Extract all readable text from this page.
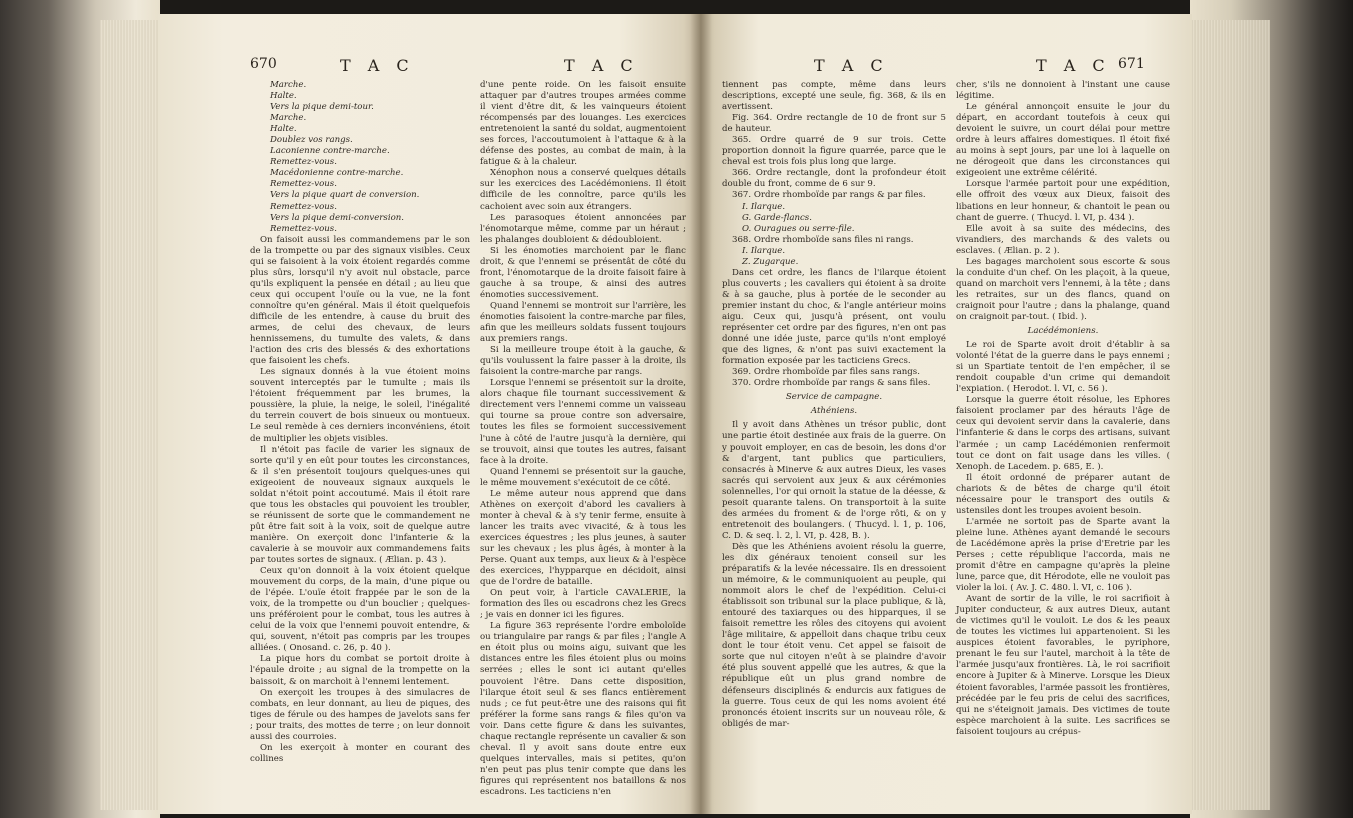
670	T A C	T A C

Marche.

Halte.

Vers la pique demi-tour.

Marche.

Halte.

Doublez vos rangs.

Laconienne contre-marche.

Remettez-vous.

Macédonienne contre-marche.

Remettez-vous.

Vers la pique quart de conversion.

Remettez-vous.

Vers la pique demi-conversion.

Remettez-vous.

On faisoit aussi les commandemens par le son de la trompette ou par des signaux visibles. Ceux qui se faisoient à la voix étoient regardés comme plus sûrs, lorsqu'il n'y avoit nul obstacle, parce qu'ils expliquent la pensée en détail ; au lieu que ceux qui occupent l'ouïe ou la vue, ne la font connoître qu'en général. Mais il étoit quelquefois difficile de les entendre, à cause du bruit des armes, de celui des chevaux, de leurs hennissemens, du tumulte des valets, & dans l'action des cris des blessés & des exhortations que faisoient les chefs.

Les signaux donnés à la vue étoient moins souvent interceptés par le tumulte ; mais ils l'étoient fréquemment par les brumes, la poussière, la pluie, la neige, le soleil, l'inégalité du terrein couvert de bois sinueux ou montueux. Le seul remède à ces derniers inconvéniens, étoit de multiplier les objets visibles.

Il n'étoit pas facile de varier les signaux de sorte qu'il y en eût pour toutes les circonstances, & il s'en présentoit toujours quelques-unes qui exigeoient de nouveaux signaux auxquels le soldat n'étoit point accoutumé. Mais il étoit rare que tous les obstacles qui pouvoient les troubler, se réunissent de sorte que le commandement ne pût être fait soit à la voix, soit de quelque autre manière. On exerçoit donc l'infanterie & la cavalerie à se mouvoir aux commandemens faits par toutes sortes de signaux. ( Ælian. p. 43 ).

Ceux qu'on donnoit à la voix étoient quelque mouvement du corps, de la main, d'une pique ou de l'épée. L'ouïe étoit frappée par le son de la voix, de la trompette ou d'un bouclier ; quelques-uns préféroient pour le combat, tous les autres à celui de la voix que l'ennemi pouvoit entendre, & qui, souvent, n'étoit pas compris par les troupes alliées. ( Onosand. c. 26, p. 40 ).

La pique hors du combat se portoit droite à l'épaule droite ; au signal de la trompette on la baissoit, & on marchoit à l'ennemi lentement.

On exerçoit les troupes à des simulacres de combats, en leur donnant, au lieu de piques, des tiges de férule ou des hampes de javelots sans fer ; pour traits, des mottes de terre ; on leur donnoit aussi des courroies.

On les exerçoit à monter en courant des collines

d'une pente roide. On les faisoit ensuite attaquer par d'autres troupes armées comme il vient d'être dit, & les vainqueurs étoient récompensés par des louanges. Les exercices entretenoient la santé du soldat, augmentoient ses forces, l'accoutumoient à l'attaque & à la défense des postes, au combat de main, à la fatigue & à la chaleur.

Xénophon nous a conservé quelques détails sur les exercices des Lacédémoniens. Il étoit difficile de les connoître, parce qu'ils les cachoient avec soin aux étrangers.

Les parasoques étoient annoncées par l'énomotarque même, comme par un héraut ; les phalanges doubloient & dédoubloient.

Si les énomoties marchoient par le flanc droit, & que l'ennemi se présentât de côté du front, l'énomotarque de la droite faisoit faire à gauche à sa troupe, & ainsi des autres énomoties successivement.

Quand l'ennemi se montroit sur l'arrière, les énomoties faisoient la contre-marche par files, afin que les meilleurs soldats fussent toujours aux premiers rangs.

Si la meilleure troupe étoit à la gauche, & qu'ils voulussent la faire passer à la droite, ils faisoient la contre-marche par rangs.

Lorsque l'ennemi se présentoit sur la droite, alors chaque file tournant successivement & directement vers l'ennemi comme un vaisseau qui tourne sa proue contre son adversaire, toutes les files se formoient successivement l'une à côté de l'autre jusqu'à la dernière, qui se trouvoit, ainsi que toutes les autres, faisant face à la droite.

Quand l'ennemi se présentoit sur la gauche, le même mouvement s'exécutoit de ce côté.

Le même auteur nous apprend que dans Athènes on exerçoit d'abord les cavaliers à monter à cheval & à s'y tenir ferme, ensuite à lancer les traits avec vivacité, & à tous les exercices équestres ; les plus jeunes, à sauter sur les chevaux ; les plus âgés, à monter à la Perse. Quant aux temps, aux lieux & à l'espèce des exercices, l'hypparque en décidoit, ainsi que de l'ordre de bataille.

On peut voir, à l'article CAVALERIE, la formation des îles ou escadrons chez les Grecs ; je vais en donner ici les figures.

La figure 363 représente l'ordre emboloïde ou triangulaire par rangs & par files ; l'angle A en étoit plus ou moins aigu, suivant que les distances entre les files étoient plus ou moins serrées ; elles le sont ici autant qu'elles pouvoient l'être. Dans cette disposition, l'ilarque étoit seul & ses flancs entièrement nuds ; ce fut peut-être une des raisons qui fit préférer la forme sans rangs & files qu'on va voir. Dans cette figure & dans les suivantes, chaque rectangle représente un cavalier & son cheval. Il y avoit sans doute entre eux quelques intervalles, mais si petites, qu'on n'en peut pas plus tenir compte que dans les figures qui représentent nos bataillons & nos escadrons. Les tacticiens n'en

T A C	T A C 671

tiennent pas compte, même dans leurs descriptions, excepté une seule, fig. 368, & ils en avertissent.

Fig. 364. Ordre rectangle de 10 de front sur 5 de hauteur.

365. Ordre quarré de 9 sur trois. Cette proportion donnoit la figure quarrée, parce que le cheval est trois fois plus long que large.

366. Ordre rectangle, dont la profondeur étoit double du front, comme de 6 sur 9.

367. Ordre rhomboïde par rangs & par files.

I. Ilarque.

G. Garde-flancs.

O. Ouragues ou serre-file.

368. Ordre rhomboïde sans files ni rangs.

I. Ilarque.

Z. Zugarque.

Dans cet ordre, les flancs de l'ilarque étoient plus couverts ; les cavaliers qui étoient à sa droite & à sa gauche, plus à portée de le seconder au premier instant du choc, & l'angle antérieur moins aigu. Ceux qui, jusqu'à présent, ont voulu représenter cet ordre par des figures, n'en ont pas donné une idée juste, parce qu'ils n'ont employé que des lignes, & n'ont pas suivi exactement la formation exposée par les tacticiens Grecs.

369. Ordre rhomboïde par files sans rangs.

370. Ordre rhomboïde par rangs & sans files.

Service de campagne.

Athéniens.

Il y avoit dans Athènes un trésor public, dont une partie étoit destinée aux frais de la guerre. On y pouvoit employer, en cas de besoin, les dons d'or & d'argent, tant publics que particuliers, consacrés à Minerve & aux autres Dieux, les vases sacrés qui servoient aux jeux & aux cérémonies solennelles, l'or qui ornoit la statue de la déesse, & pesoit quarante talens. On transportoit à la suite des armées du froment & de l'orge rôti, & on y entretenoit des boulangers. ( Thucyd. l. 1, p. 106, C. D. & seq. l. 2, l. VI, p. 428, B. ).

Dès que les Athéniens avoient résolu la guerre, les dix généraux tenoient conseil sur les préparatifs & la levée nécessaire. Ils en dressoient un mémoire, & le communiquoient au peuple, qui nommoit alors le chef de l'expédition. Celui-ci établissoit son tribunal sur la place publique, & là, entouré des taxiarques ou des hipparques, il se faisoit remettre les rôles des citoyens qui avoient l'âge militaire, & appelloit dans chaque tribu ceux dont le tour étoit venu. Cet appel se faisoit de sorte que nul citoyen n'eût à se plaindre d'avoir été plus souvent appellé que les autres, & que la république eût un plus grand nombre de défenseurs disciplinés & endurcis aux fatigues de la guerre. Tous ceux de qui les noms avoient été prononcés étoient inscrits sur un nouveau rôle, & obligés de mar-

cher, s'ils ne donnoient à l'instant une cause légitime.

Le général annonçoit ensuite le jour du départ, en accordant toutefois à ceux qui devoient le suivre, un court délai pour mettre ordre à leurs affaires domestiques. Il étoit fixé au moins à sept jours, par une loi à laquelle on ne dérogeoit que dans les circonstances qui exigeoient une extrême célérité.

Lorsque l'armée partoit pour une expédition, elle offroit des vœux aux Dieux, faisoit des libations en leur honneur, & chantoit le pean ou chant de guerre. ( Thucyd. l. VI, p. 434 ).

Elle avoit à sa suite des médecins, des vivandiers, des marchands & des valets ou esclaves. ( Ælian. p. 2 ).

Les bagages marchoient sous escorte & sous la conduite d'un chef. On les plaçoit, à la queue, quand on marchoit vers l'ennemi, à la tête ; dans les retraites, sur un des flancs, quand on craignoit pour l'autre ; dans la phalange, quand on craignoit par-tout. ( Ibid. ).

Lacédémoniens.

Le roi de Sparte avoit droit d'établir à sa volonté l'état de la guerre dans le pays ennemi ; si un Spartiate tentoit de l'en empêcher, il se rendoit coupable d'un crime qui demandoit l'expiation. ( Herodot. l. VI, c. 56 ).

Lorsque la guerre étoit résolue, les Ephores faisoient proclamer par des hérauts l'âge de ceux qui devoient servir dans la cavalerie, dans l'infanterie & dans le corps des artisans, suivant l'armée ; un camp Lacédémonien renfermoit tout ce dont on fait usage dans les villes. ( Xenoph. de Lacedem. p. 685, E. ).

Il étoit ordonné de préparer autant de chariots & de bêtes de charge qu'il étoit nécessaire pour le transport des outils & ustensiles dont les troupes avoient besoin.

L'armée ne sortoit pas de Sparte avant la pleine lune. Athènes ayant demandé le secours de Lacédémone après la prise d'Eretrie par les Perses ; cette république l'accorda, mais ne promit d'être en campagne qu'après la pleine lune, parce que, dit Hérodote, elle ne vouloit pas violer la loi. ( Av. J. C. 480. l. VI, c. 106 ).

Avant de sortir de la ville, le roi sacrifioit à Jupiter conducteur, & aux autres Dieux, autant de victimes qu'il le vouloit. Le dos & les peaux de toutes les victimes lui appartenoient. Si les auspices étoient favorables, le pyriphore, prenant le feu sur l'autel, marchoit à la tête de l'armée jusqu'aux frontières. Là, le roi sacrifioit encore à Jupiter & à Minerve. Lorsque les Dieux étoient favorables, l'armée passoit les frontières, précédée par le feu pris de celui des sacrifices, qui ne s'éteignoit jamais. Des victimes de toute espèce marchoient à la suite. Les sacrifices se faisoient toujours au crépus-
